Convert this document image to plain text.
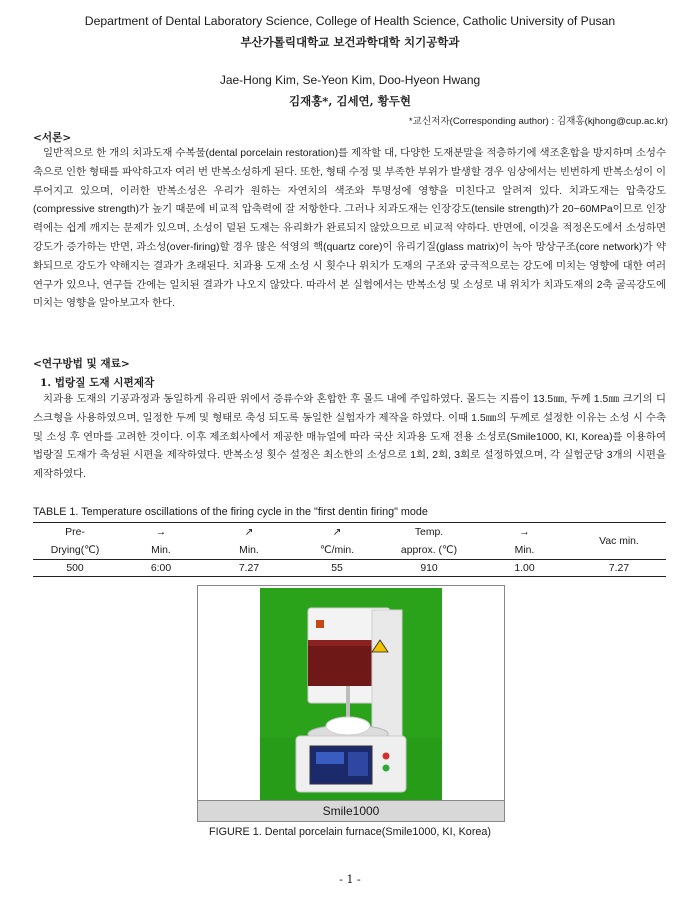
Department of Dental Laboratory Science, College of Health Science, Catholic University of Pusan
부산가톨릭대학교 보건과학대학 치기공학과
Jae-Hong Kim, Se-Yeon Kim, Doo-Hyeon Hwang
김재홍*, 김세연, 황두현
*교신저자(Corresponding author) : 김재홍(kjhong@cup.ac.kr)
<서론>

일반적으로 한 개의 치과도재 수복물(dental porcelain restoration)를 제작할 대, 다양한 도재분말을 적층하기에 색조혼합을 방지하며 소성수축으로 인한 형태를 파악하고자 여러 번 반복소성하게 된다. 또한, 형태 수정 및 부족한 부위가 발생할 경우 임상에서는 빈번하게 반복소성이 이루어지고 있으며, 이러한 반복소성은 우리가 원하는 자연치의 색조와 투명성에 영향을 미친다고 알려져 있다. 치과도재는 압축강도(compressive strength)가 높기 때문에 비교적 압축력에 잘 저항한다. 그러나 치과도재는 인장강도(tensile strength)가 20~60MPa이므로 인장력에는 쉽게 깨지는 문제가 있으며, 소성이 덜된 도재는 유리화가 완료되지 않았으므로 비교적 약하다. 반면에, 이것을 적정온도에서 소성하면 강도가 증가하는 반면, 과소성(over-firing)할 경우 많은 석영의 핵(quartz core)이 유리기질(glass matrix)이 녹아 망상구조(core network)가 약화되므로 강도가 약해지는 결과가 초래된다. 치과용 도재 소성 시 횟수나 위치가 도재의 구조와 궁극적으로는 강도에 미치는 영향에 대한 여러 연구가 있으나, 연구들 간에는 일치된 결과가 나오지 않았다. 따라서 본 실험에서는 반복소성 및 소성로 내 위치가 치과도재의 2축 굴곡강도에 미치는 영향을 알아보고자 한다.

<연구방법 및 재료>
1. 법랑질 도재 시편제작

치과용 도재의 기공과정과 동일하게 유리판 위에서 증류수와 혼합한 후 몰드 내에 주입하였다. 몰드는 지름이 13.5㎜, 두께 1.5㎜ 크기의 디스크형을 사용하였으며, 일정한 두께 및 형태로 축성 되도록 동일한 실험자가 제작을 하였다. 이때 1.5㎜의 두께로 설정한 이유는 소성 시 수축 및 소성 후 연마를 고려한 것이다. 이후 제조회사에서 제공한 매뉴얼에 따라 국산 치과용 도재 전용 소성로(Smile1000, KI, Korea)를 이용하여 법랑질 도재가 축성된 시편을 제작하였다. 반복소성 횟수 설정은 최소한의 소성으로 1회, 2회, 3회로 설정하였으며, 각 실험군당 3개의 시편을 제작하였다.

TABLE 1. Temperature oscillations of the firing cycle in the "first dentin firing" mode
Pre-	→	↗	↗	Temp.	→	Vac min.
Drying(℃)	Min.	Min.	℃/min.	approx. (℃)	Min.	
500	6:00	7.27	55	910	1.00	7.27
Smile1000
FIGURE 1. Dental porcelain furnace(Smile1000, KI, Korea)
- 1 -
